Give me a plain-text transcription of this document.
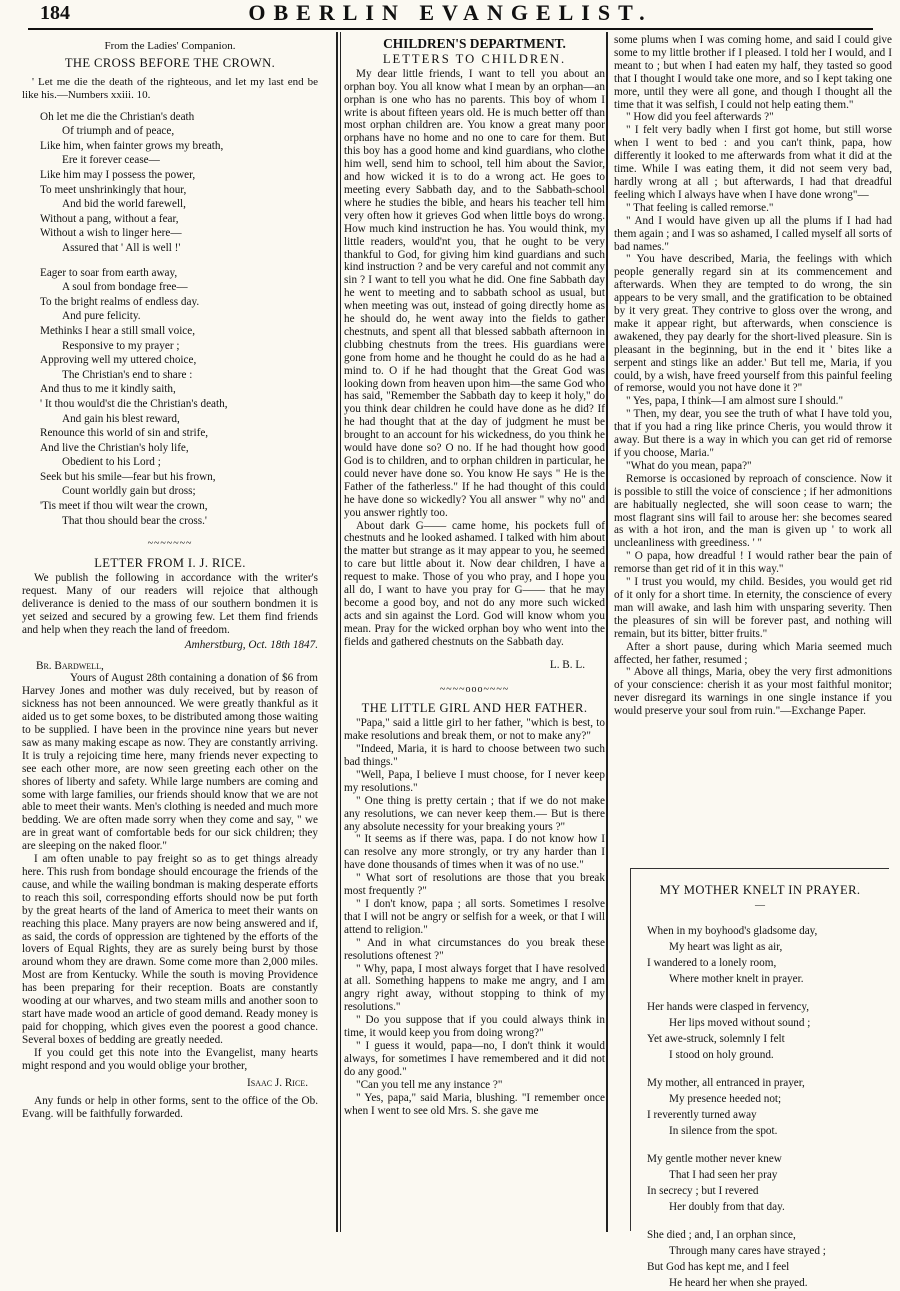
184	OBERLIN EVANGELIST.
From the Ladies' Companion.
THE CROSS BEFORE THE CROWN.

' Let me die the death of the righteous, and let my last end be like his.—Numbers xxiii. 10.

Oh let me die the Christian's death
Of triumph and of peace,
Like him, when fainter grows my breath,
Ere it forever cease—
Like him may I possess the power,
To meet unshrinkingly that hour,
And bid the world farewell,
Without a pang, without a fear,
Without a wish to linger here—
Assured that ' All is well !'
Eager to soar from earth away,
A soul from bondage free—
To the bright realms of endless day.
And pure felicity.
Methinks I hear a still small voice,
Responsive to my prayer ;
Approving well my uttered choice,
The Christian's end to share :
And thus to me it kindly saith,
' It thou would'st die the Christian's death,
And gain his blest reward,
Renounce this world of sin and strife,
And live the Christian's holy life,
Obedient to his Lord ;
Seek but his smile—fear but his frown,
Count worldly gain but dross;
'Tis meet if thou wilt wear the crown,
That thou should bear the cross.'
~~~~~~~
LETTER FROM I. J. RICE.

We publish the following in accordance with the writer's request. Many of our readers will rejoice that although deliverance is denied to the mass of our southern bondmen it is yet seized and secured by a growing few. Let them find friends and help when they reach the land of freedom.

Amherstburg, Oct. 18th 1847.

Br. Bardwell,

Yours of August 28th containing a donation of $6 from Harvey Jones and mother was duly received, but by reason of sickness has not been announced. We were greatly thankful as it aided us to get some boxes, to be distributed among those waiting to be supplied. I have been in the province nine years but never saw as many making escape as now. They are constantly arriving. It is truly a rejoicing time here, many friends never expecting to see each other more, are now seen greeting each other on the shores of liberty and safety. While large numbers are coming and some with large families, our friends should know that we are not able to meet their wants. Men's clothing is needed and much more bedding. We are often made sorry when they come and say, " we are in great want of comfortable beds for our sick children; they are sleeping on the naked floor."

I am often unable to pay freight so as to get things already here. This rush from bondage should encourage the friends of the cause, and while the wailing bondman is making desperate efforts to reach this soil, corresponding efforts should now be put forth by the great hearts of the land of America to meet their wants on reaching this place. Many prayers are now being answered and if, as said, the cords of oppression are tightened by the efforts of the lovers of Equal Rights, they are as surely being burst by those around whom they are drawn. Some come more than 2,000 miles. Most are from Kentucky. While the south is moving Providence has been preparing for their reception. Boats are constantly wooding at our wharves, and two steam mills and another soon to start have made wood an article of good demand. Ready money is paid for chopping, which gives even the poorest a good chance. Several boxes of bedding are greatly needed.

If you could get this note into the Evangelist, many hearts might respond and you would oblige your brother,

Isaac J. Rice.

Any funds or help in other forms, sent to the office of the Ob. Evang. will be faithfully forwarded.

CHILDREN'S DEPARTMENT.
LETTERS TO CHILDREN.

My dear little friends, I want to tell you about an orphan boy. You all know what I mean by an orphan—an orphan is one who has no parents. This boy of whom I write is about fifteen years old. He is much better off than most orphan children are. You know a great many poor orphans have no home and no one to care for them. But this boy has a good home and kind guardians, who clothe him well, send him to school, tell him about the Savior, and how wicked it is to do a wrong act. He goes to meeting every Sabbath day, and to the Sabbath-school where he studies the bible, and hears his teacher tell him very often how it grieves God when little boys do wrong. How much kind instruction he has. You would think, my little readers, would'nt you, that he ought to be very thankful to God, for giving him kind guardians and such kind instruction ? and be very careful and not commit any sin ? I want to tell you what he did. One fine Sabbath day he went to meeting and to sabbath school as usual, but when meeting was out, instead of going directly home as he should do, he went away into the fields to gather chestnuts, and spent all that blessed sabbath afternoon in clubbing chestnuts from the trees. His guardians were gone from home and he thought he could do as he had a mind to. O if he had thought that the Great God was looking down from heaven upon him—the same God who has said, "Remember the Sabbath day to keep it holy," do you think dear children he could have done as he did? If he had thought that at the day of judgment he must be brought to an account for his wickedness, do you think he would have done so? O no. If he had thought how good God is to children, and to orphan children in particular, he could never have done so. You know He says " He is the Father of the fatherless." If he had thought of this could he have done so wickedly? You all answer " why no" and you answer rightly too.

About dark G—— came home, his pockets full of chestnuts and he looked ashamed. I talked with him about the matter but strange as it may appear to you, he seemed to care but little about it. Now dear children, I have a request to make. Those of you who pray, and I hope you all do, I want to have you pray for G—— that he may become a good boy, and not do any more such wicked acts and sin against the Lord. God will know whom you mean. Pray for the wicked orphan boy who went into the fields and gathered chestnuts on the Sabbath day.

L. B. L.

~~~~ooo~~~~
THE LITTLE GIRL AND HER FATHER.

"Papa," said a little girl to her father, "which is best, to make resolutions and break them, or not to make any?"

"Indeed, Maria, it is hard to choose between two such bad things."

"Well, Papa, I believe I must choose, for I never keep my resolutions."

" One thing is pretty certain ; that if we do not make any resolutions, we can never keep them.— But is there any absolute necessity for your breaking yours ?"

" It seems as if there was, papa. I do not know how I can resolve any more strongly, or try any harder than I have done thousands of times when it was of no use."

" What sort of resolutions are those that you break most frequently ?"

" I don't know, papa ; all sorts. Sometimes I resolve that I will not be angry or selfish for a week, or that I will attend to religion."

" And in what circumstances do you break these resolutions oftenest ?"

" Why, papa, I most always forget that I have resolved at all. Something happens to make me angry, and I am angry right away, without stopping to think of my resolutions."

" Do you suppose that if you could always think in time, it would keep you from doing wrong?"

" I guess it would, papa—no, I don't think it would always, for sometimes I have remembered and it did not do any good."

"Can you tell me any instance ?"

" Yes, papa," said Maria, blushing. "I remember once when I went to see old Mrs. S. she gave me

some plums when I was coming home, and said I could give some to my little brother if I pleased. I told her I would, and I meant to ; but when I had eaten my half, they tasted so good that I thought I would take one more, and so I kept taking one more, until they were all gone, and though I thought all the time that it was selfish, I could not help eating them."

" How did you feel afterwards ?"

" I felt very badly when I first got home, but still worse when I went to bed : and you can't think, papa, how differently it looked to me afterwards from what it did at the time. While I was eating them, it did not seem very bad, hardly wrong at all ; but afterwards, I had that dreadful feeling which I always have when I have done wrong"—

" That feeling is called remorse."

" And I would have given up all the plums if I had had them again ; and I was so ashamed, I called myself all sorts of bad names."

" You have described, Maria, the feelings with which people generally regard sin at its commencement and afterwards. When they are tempted to do wrong, the sin appears to be very small, and the gratification to be obtained by it very great. They contrive to gloss over the wrong, and make it appear right, but afterwards, when conscience is awakened, they pay dearly for the short-lived pleasure. Sin is pleasant in the beginning, but in the end it ' bites like a serpent and stings like an adder.' But tell me, Maria, if you could, by a wish, have freed yourself from this painful feeling of remorse, would you not have done it ?"

" Yes, papa, I think—I am almost sure I should."

" Then, my dear, you see the truth of what I have told you, that if you had a ring like prince Cheris, you would throw it away. But there is a way in which you can get rid of remorse if you choose, Maria."

"What do you mean, papa?"

Remorse is occasioned by reproach of conscience. Now it is possible to still the voice of conscience ; if her admonitions are habitually neglected, she will soon cease to warn; the most flagrant sins will fail to arouse her: she becomes seared as with a hot iron, and the man is given up ' to work all uncleanliness with greediness. ' "

" O papa, how dreadful ! I would rather bear the pain of remorse than get rid of it in this way."

" I trust you would, my child. Besides, you would get rid of it only for a short time. In eternity, the conscience of every man will awake, and lash him with unsparing severity. Then the pleasures of sin will be forever past, and nothing will remain, but its bitter, bitter fruits."

After a short pause, during which Maria seemed much affected, her father, resumed ;

" Above all things, Maria, obey the very first admonitions of your conscience: cherish it as your most faithful monitor; never disregard its warnings in one single instance if you would preserve your soul from ruin."—Exchange Paper.

MY MOTHER KNELT IN PRAYER.
—
When in my boyhood's gladsome day,
My heart was light as air,
I wandered to a lonely room,
Where mother knelt in prayer.
Her hands were clasped in fervency,
Her lips moved without sound ;
Yet awe-struck, solemnly I felt
I stood on holy ground.
My mother, all entranced in prayer,
My presence heeded not;
I reverently turned away
In silence from the spot.
My gentle mother never knew
That I had seen her pray
In secrecy ; but I revered
Her doubly from that day.
She died ; and, I an orphan since,
Through many cares have strayed ;
But God has kept me, and I feel
He heard her when she prayed.
